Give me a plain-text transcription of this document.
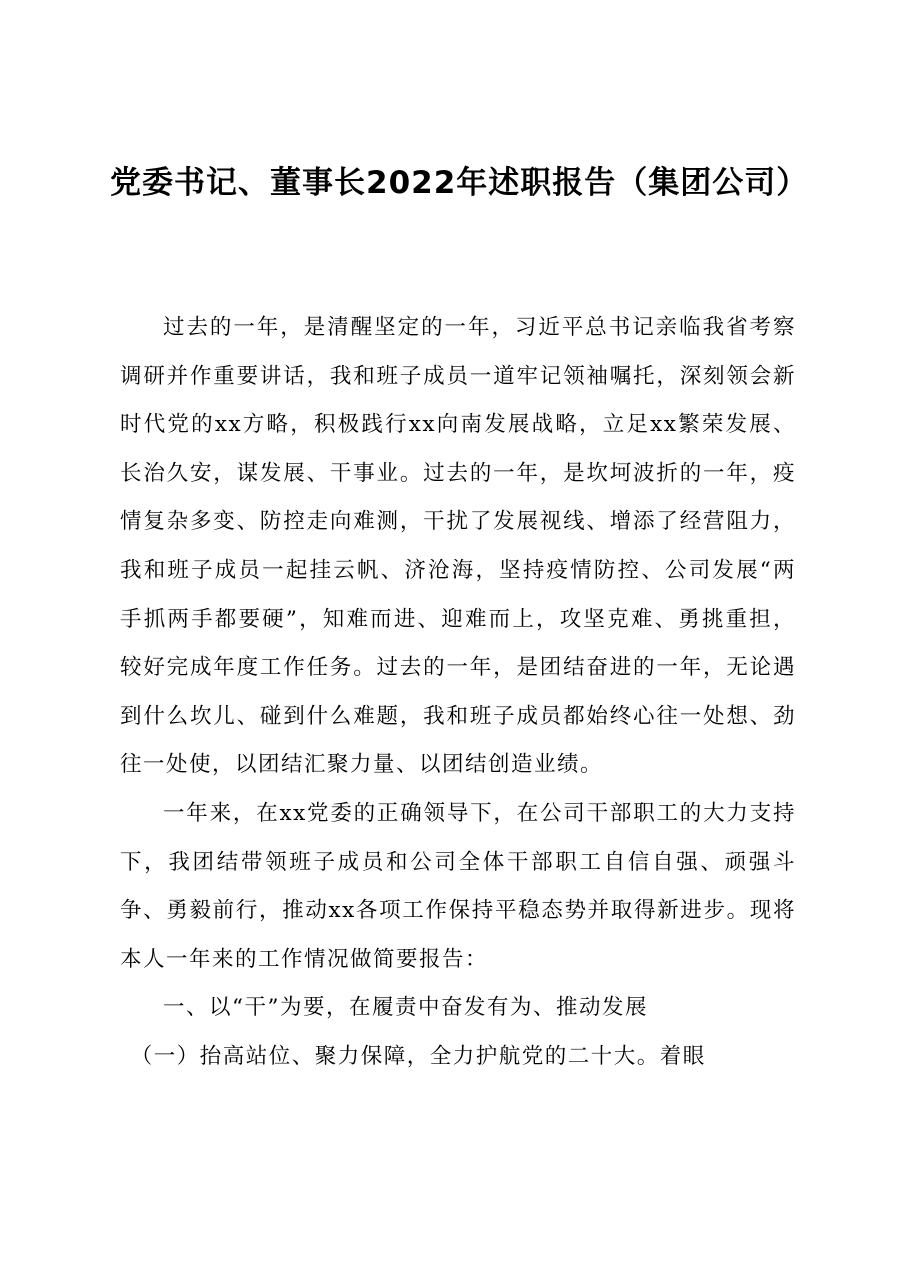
党委书记、董事长2022年述职报告（集团公司）

过去的一年，是清醒坚定的一年，习近平总书记亲临我省考察调研并作重要讲话，我和班子成员一道牢记领袖嘱托，深刻领会新时代党的xx方略，积极践行xx向南发展战略，立足xx繁荣发展、长治久安，谋发展、干事业。过去的一年，是坎坷波折的一年，疫情复杂多变、防控走向难测，干扰了发展视线、增添了经营阻力，我和班子成员一起挂云帆、济沧海，坚持疫情防控、公司发展“两手抓两手都要硬”，知难而进、迎难而上，攻坚克难、勇挑重担，较好完成年度工作任务。过去的一年，是团结奋进的一年，无论遇到什么坎儿、碰到什么难题，我和班子成员都始终心往一处想、劲往一处使，以团结汇聚力量、以团结创造业绩。

一年来，在xx党委的正确领导下，在公司干部职工的大力支持下，我团结带领班子成员和公司全体干部职工自信自强、顽强斗争、勇毅前行，推动xx各项工作保持平稳态势并取得新进步。现将本人一年来的工作情况做简要报告：

一、以“干”为要，在履责中奋发有为、推动发展

（一）抬高站位、聚力保障，全力护航党的二十大。着眼
